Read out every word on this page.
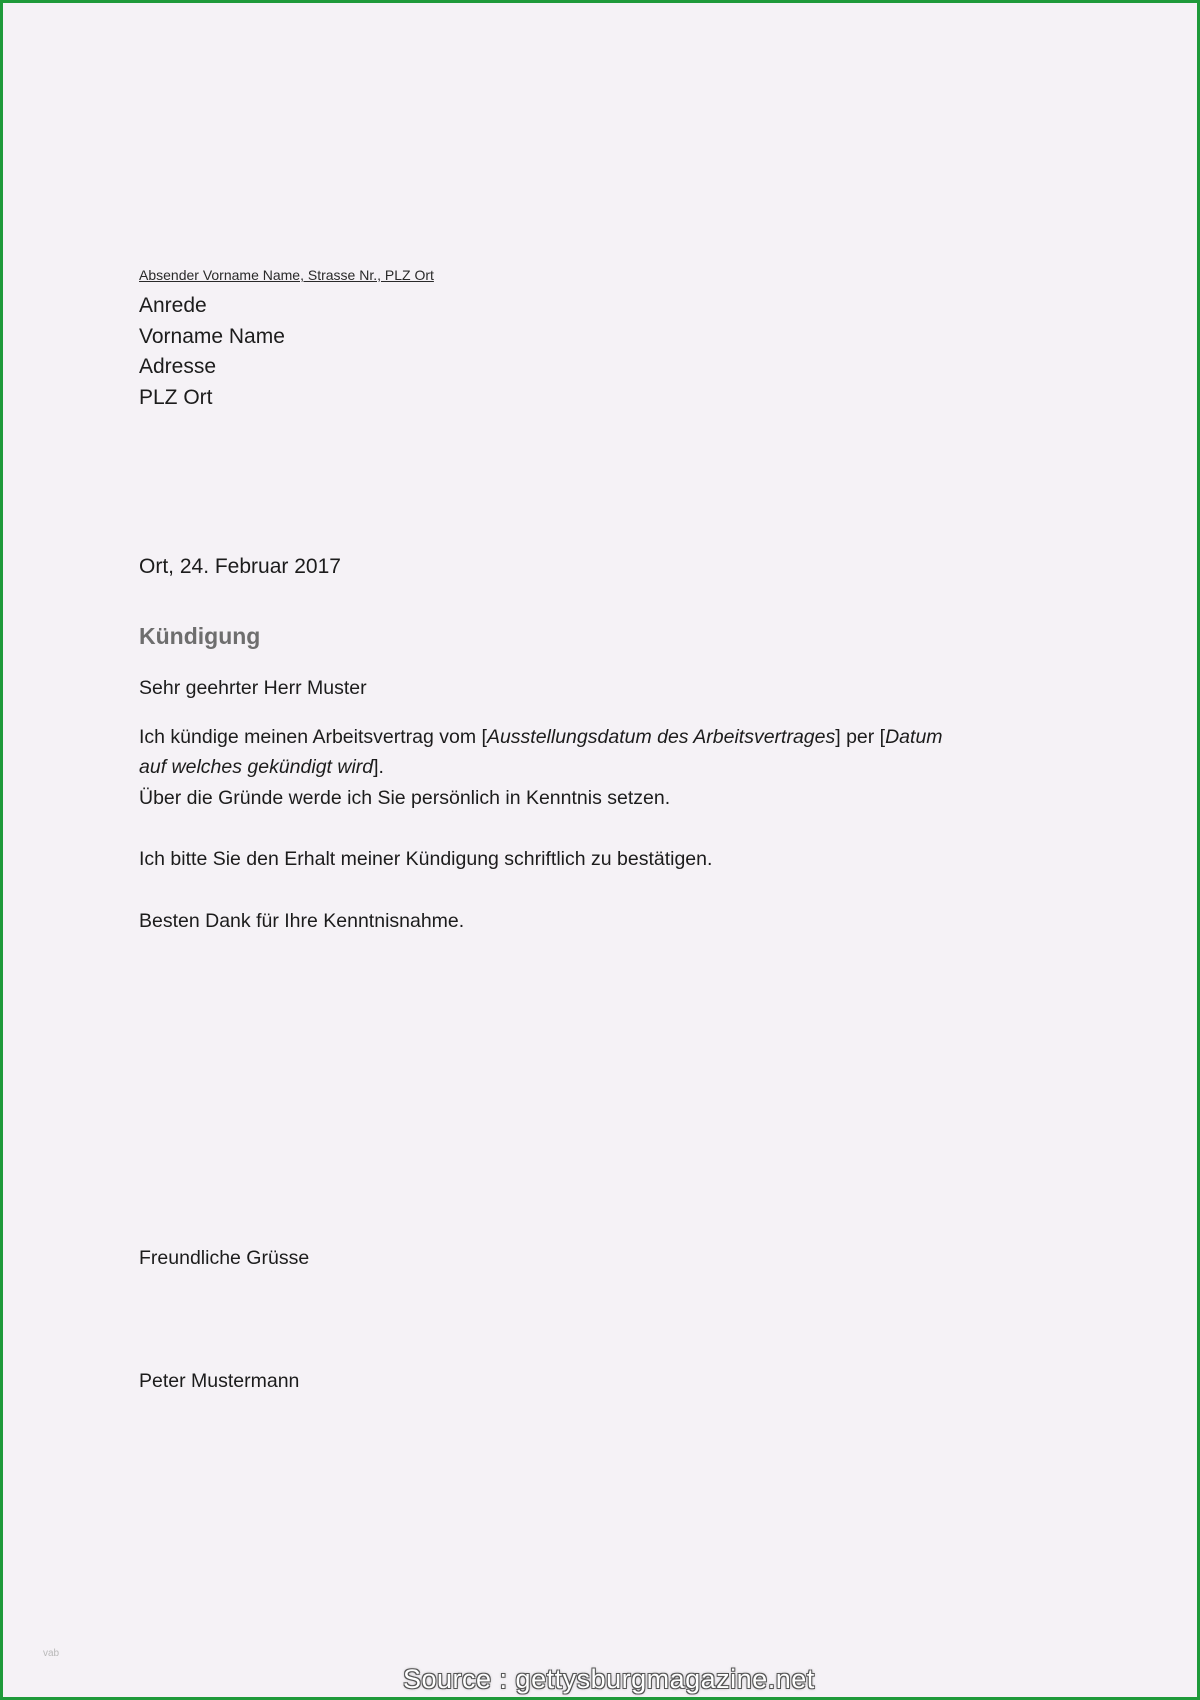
Absender Vorname Name, Strasse Nr., PLZ Ort
Anrede
Vorname Name
Adresse
PLZ Ort
Ort, 24. Februar 2017
Kündigung
Sehr geehrter Herr Muster
Ich kündige meinen Arbeitsvertrag vom [Ausstellungsdatum des Arbeitsvertrages] per [Datum
auf welches gekündigt wird].
Über die Gründe werde ich Sie persönlich in Kenntnis setzen.
Ich bitte Sie den Erhalt meiner Kündigung schriftlich zu bestätigen.
Besten Dank für Ihre Kenntnisnahme.
Freundliche Grüsse
Peter Mustermann
vab
Source : gettysburgmagazine.net
